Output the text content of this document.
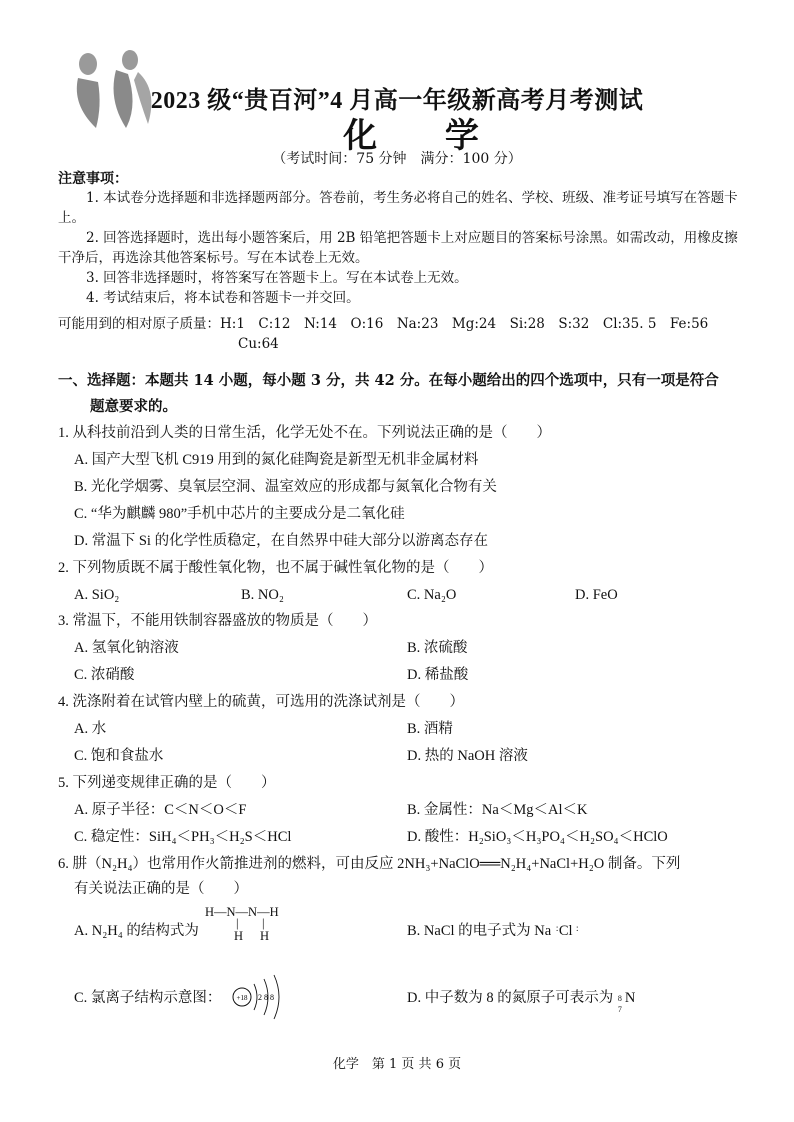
2023 级“贵百河”4 月高一年级新高考月考测试
化 学
（考试时间：75 分钟　满分：100 分）
注意事项：
1. 本试卷分选择题和非选择题两部分。答卷前，考生务必将自己的姓名、学校、班级、准考证号填写在答题卡上。
2. 回答选择题时，选出每小题答案后，用 2B 铅笔把答题卡上对应题目的答案标号涂黑。如需改动，用橡皮擦干净后，再选涂其他答案标号。写在本试卷上无效。
3. 回答非选择题时，将答案写在答题卡上。写在本试卷上无效。
4. 考试结束后，将本试卷和答题卡一并交回。
可能用到的相对原子质量：H:1　C:12　N:14　O:16　Na:23　Mg:24　Si:28　S:32　Cl:35. 5　Fe:56
Cu:64
一、选择题：本题共 14 小题，每小题 3 分，共 42 分。在每小题给出的四个选项中，只有一项是符合
题意要求的。
1. 从科技前沿到人类的日常生活，化学无处不在。下列说法正确的是（　　）
A. 国产大型飞机 C919 用到的氮化硅陶瓷是新型无机非金属材料
B. 光化学烟雾、臭氧层空洞、温室效应的形成都与氮氧化合物有关
C. “华为麒麟 980”手机中芯片的主要成分是二氧化硅
D. 常温下 Si 的化学性质稳定，在自然界中硅大部分以游离态存在
2. 下列物质既不属于酸性氧化物，也不属于碱性氧化物的是（　　）
A. SiO₂	B. NO₂	C. Na₂O	D. FeO
3. 常温下，不能用铁制容器盛放的物质是（　　）
A. 氢氧化钠溶液	B. 浓硫酸
C. 浓硝酸	D. 稀盐酸
4. 洗涤附着在试管内壁上的硫黄，可选用的洗涤试剂是（　　）
A. 水	B. 酒精
C. 饱和食盐水	D. 热的 NaOH 溶液
5. 下列递变规律正确的是（　　）
A. 原子半径：C＜N＜O＜F	B. 金属性：Na＜Mg＜Al＜K
C. 稳定性：SiH₄＜PH₃＜H₂S＜HCl	D. 酸性：H₂SiO₃＜H₃PO₄＜H₂SO₄＜HClO
6. 肼（N₂H₄）也常用作火箭推进剂的燃料，可由反应 2NH₃+NaClO══N₂H₄+NaCl+H₂O 制备。下列
有关说法正确的是（　　）
A. N₂H₄ 的结构式为
H—N—N—H
| |
H H	B. NaCl 的电子式为 Na : Cl :
C. 氯离子结构示意图： +18 2 8 8	D. 中子数为 8 的氮原子可表示为 8
7
N
化学　第 1 页 共 6 页
